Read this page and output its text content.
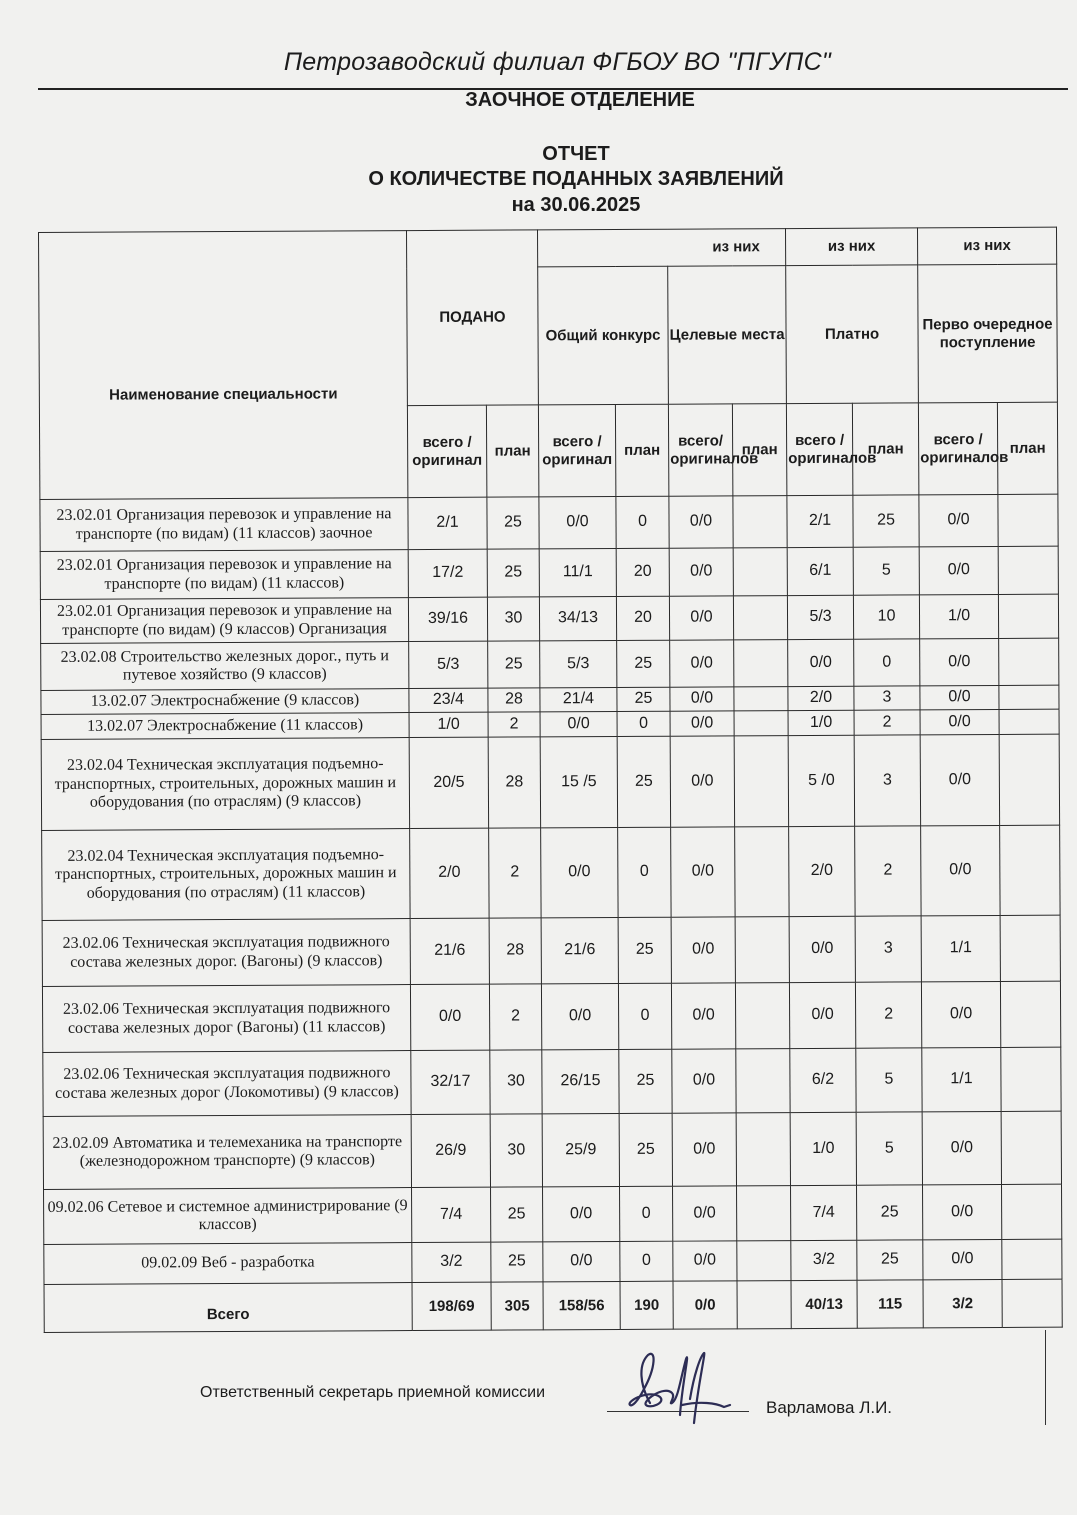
Петрозаводский филиал ФГБОУ ВО "ПГУПС"
ЗАОЧНОЕ ОТДЕЛЕНИЕ
ОТЧЕТ
О КОЛИЧЕСТВЕ ПОДАННЫХ ЗАЯВЛЕНИЙ
на 30.06.2025
Наименование специальности	ПОДАНО		из них				из них		из них	
			Общий конкурс		Целевые места		Платно		Перво очередное поступление	
	всего / оригинал	план	всего / оригинал	план	всего/ оригиналов	план	всего / оригиналов	план	всего / оригиналов	план
23.02.01 Организация перевозок и управление на транспорте (по видам) (11 классов) заочное	2/1	25	0/0	0	0/0		2/1	25	0/0	
23.02.01 Организация перевозок и управление на транспорте (по видам) (11 классов)	17/2	25	11/1	20	0/0		6/1	5	0/0	
23.02.01 Организация перевозок и управление на транспорте (по видам) (9 классов) Организация	39/16	30	34/13	20	0/0		5/3	10	1/0	
23.02.08 Строительство железных дорог., путь и путевое хозяйство (9 классов)	5/3	25	5/3	25	0/0		0/0	0	0/0	
13.02.07 Электроснабжение (9 классов)	23/4	28	21/4	25	0/0		2/0	3	0/0	
13.02.07 Электроснабжение (11 классов)	1/0	2	0/0	0	0/0		1/0	2	0/0	
23.02.04 Техническая эксплуатация подъемно-транспортных, строительных, дорожных машин и оборудования (по отраслям) (9 классов)	20/5	28	15 /5	25	0/0		5 /0	3	0/0	
23.02.04 Техническая эксплуатация подъемно-транспортных, строительных, дорожных машин и оборудования (по отраслям) (11 классов)	2/0	2	0/0	0	0/0		2/0	2	0/0	
23.02.06 Техническая эксплуатация подвижного состава железных дорог. (Вагоны) (9 классов)	21/6	28	21/6	25	0/0		0/0	3	1/1	
23.02.06 Техническая эксплуатация подвижного состава железных дорог (Вагоны) (11 классов)	0/0	2	0/0	0	0/0		0/0	2	0/0	
23.02.06 Техническая эксплуатация подвижного состава железных дорог (Локомотивы) (9 классов)	32/17	30	26/15	25	0/0		6/2	5	1/1	
23.02.09 Автоматика и телемеханика на транспорте (железнодорожном транспорте) (9 классов)	26/9	30	25/9	25	0/0		1/0	5	0/0	
09.02.06 Сетевое и системное администрирование (9 классов)	7/4	25	0/0	0	0/0		7/4	25	0/0	
09.02.09 Веб - разработка	3/2	25	0/0	0	0/0		3/2	25	0/0	
Всего	198/69	305	158/56	190	0/0		40/13	115	3/2	
Ответственный секретарь приемной комиссии
Варламова Л.И.
